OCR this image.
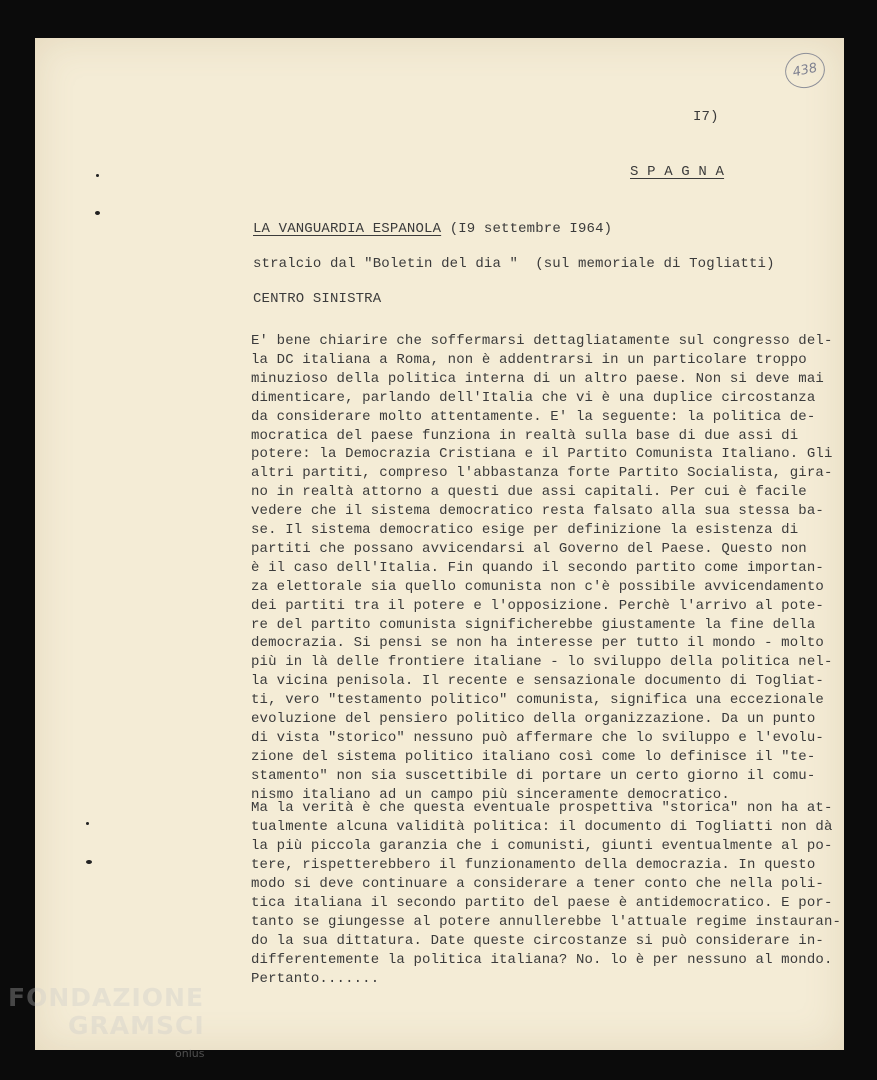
438
I7)
S P A G N A
LA VANGUARDIA ESPANOLA (I9 settembre I964)
stralcio dal "Boletin del dia "  (sul memoriale di Togliatti)
CENTRO SINISTRA
E' bene chiarire che soffermarsi dettagliatamente sul congresso del-
la DC italiana a Roma, non è addentrarsi in un particolare troppo
minuzioso della politica interna di un altro paese. Non si deve mai
dimenticare, parlando dell'Italia che vi è una duplice circostanza
da considerare molto attentamente. E' la seguente: la politica de-
mocratica del paese funziona in realtà sulla base di due assi di
potere: la Democrazia Cristiana e il Partito Comunista Italiano. Gli
altri partiti, compreso l'abbastanza forte Partito Socialista, gira-
no in realtà attorno a questi due assi capitali. Per cui è facile
vedere che il sistema democratico resta falsato alla sua stessa ba-
se. Il sistema democratico esige per definizione la esistenza di
partiti che possano avvicendarsi al Governo del Paese. Questo non
è il caso dell'Italia. Fin quando il secondo partito come importan-
za elettorale sia quello comunista non c'è possibile avvicendamento
dei partiti tra il potere e l'opposizione. Perchè l'arrivo al pote-
re del partito comunista significherebbe giustamente la fine della
democrazia. Si pensi se non ha interesse per tutto il mondo - molto
più in là delle frontiere italiane - lo sviluppo della politica nel-
la vicina penisola. Il recente e sensazionale documento di Togliat-
ti, vero "testamento politico" comunista, significa una eccezionale
evoluzione del pensiero politico della organizzazione. Da un punto
di vista "storico" nessuno può affermare che lo sviluppo e l'evolu-
zione del sistema politico italiano così come lo definisce il "te-
stamento" non sia suscettibile di portare un certo giorno il comu-
nismo italiano ad un campo più sinceramente democratico.
Ma la verità è che questa eventuale prospettiva "storica" non ha at-
tualmente alcuna validità politica: il documento di Togliatti non dà
la più piccola garanzia che i comunisti, giunti eventualmente al po-
tere, rispetterebbero il funzionamento della democrazia. In questo
modo si deve continuare a considerare a tener conto che nella poli-
tica italiana il secondo partito del paese è antidemocratico. E por-
tanto se giungesse al potere annullerebbe l'attuale regime instauran-
do la sua dittatura. Date queste circostanze si può considerare in-
differentemente la politica italiana? No. lo è per nessuno al mondo.
Pertanto.......
FONDAZIONE
GRAMSCI
onlus
